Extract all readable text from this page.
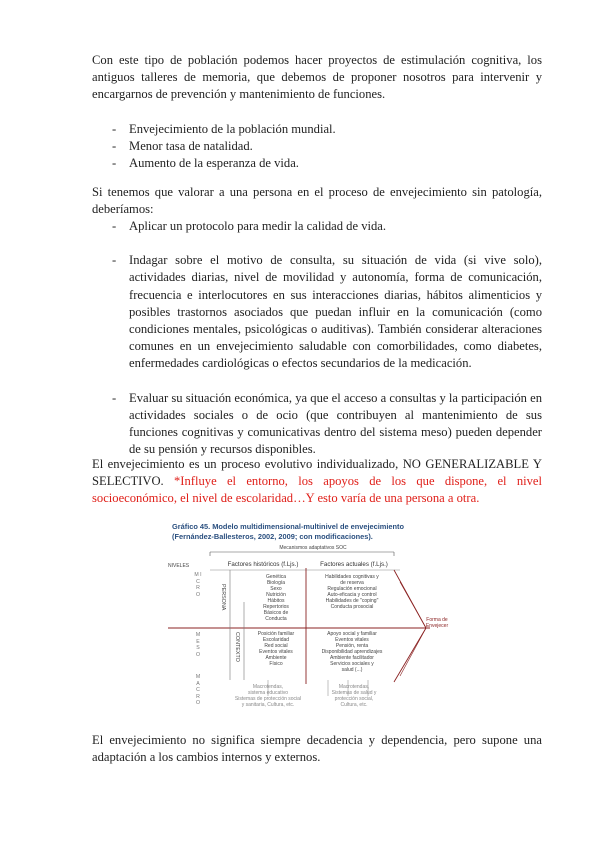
Con este tipo de población podemos hacer proyectos de estimulación cognitiva, los antiguos talleres de memoria, que debemos de proponer nosotros para intervenir y encargarnos de prevención y mantenimiento de funciones.

- Envejecimiento de la población mundial.
- Menor tasa de natalidad.
- Aumento de la esperanza de vida.

Si tenemos que valorar a una persona en el proceso de envejecimiento sin patología, deberíamos:

- Aplicar un protocolo para medir la calidad de vida.
- Indagar sobre el motivo de consulta, su situación de vida (si vive solo), actividades diarias, nivel de movilidad y autonomía, forma de comunicación, frecuencia e interlocutores en sus interacciones diarias, hábitos alimenticios y posibles trastornos asociados que puedan influir en la comunicación (como condiciones mentales, psicológicas o auditivas). También considerar alteraciones comunes en un envejecimiento saludable con comorbilidades, como diabetes, enfermedades cardiológicas o efectos secundarios de la medicación.
- Evaluar su situación económica, ya que el acceso a consultas y la participación en actividades sociales o de ocio (que contribuyen al mantenimiento de sus funciones cognitivas y comunicativas dentro del sistema meso) pueden depender de su pensión y recursos disponibles.

El envejecimiento es un proceso evolutivo individualizado, NO GENERALIZABLE Y SELECTIVO. *Influye el entorno, los apoyos de los que dispone, el nivel socioeconómico, el nivel de escolaridad…Y esto varía de una persona a otra.

Gráfico 45. Modelo multidimensional-multinivel de envejecimiento
(Fernández-Ballesteros, 2002, 2009; con modificaciones).
Mecanismos adaptativos SOC
NIVELES	Factores históricos (f.Ljs.)	Factores actuales (f.Ljs.)
M I C R O
M E S O
M A C R O
PERSONA
CONTEXTO
Genética
Biología
Sexo
Nutrición
Hábitos
Repertorios
Básicos de
Conducta
Habilidades cognitivas y
de reserva
Regulación emocional
Auto-eficacia y control
Habilidades de "coping"
Conducta prosocial
Posición familiar
Escolaridad
Red social
Eventos vitales
Ambiente
Físico
Apoyo social y familiar
Eventos vitales
Pensión, renta
Disponibilidad aprendizajes
Ambiente facilitador
Servicios sociales y
salud (...)
Macrotendas,
sistema educativo
Sistemas de protección social
y sanitaria, Cultura, etc.
Macrotendas,
Sistemas de salud y
protección social,
Cultura, etc.
Forma de
Envejecer

El envejecimiento no significa siempre decadencia y dependencia, pero supone una adaptación a los cambios internos y externos.
